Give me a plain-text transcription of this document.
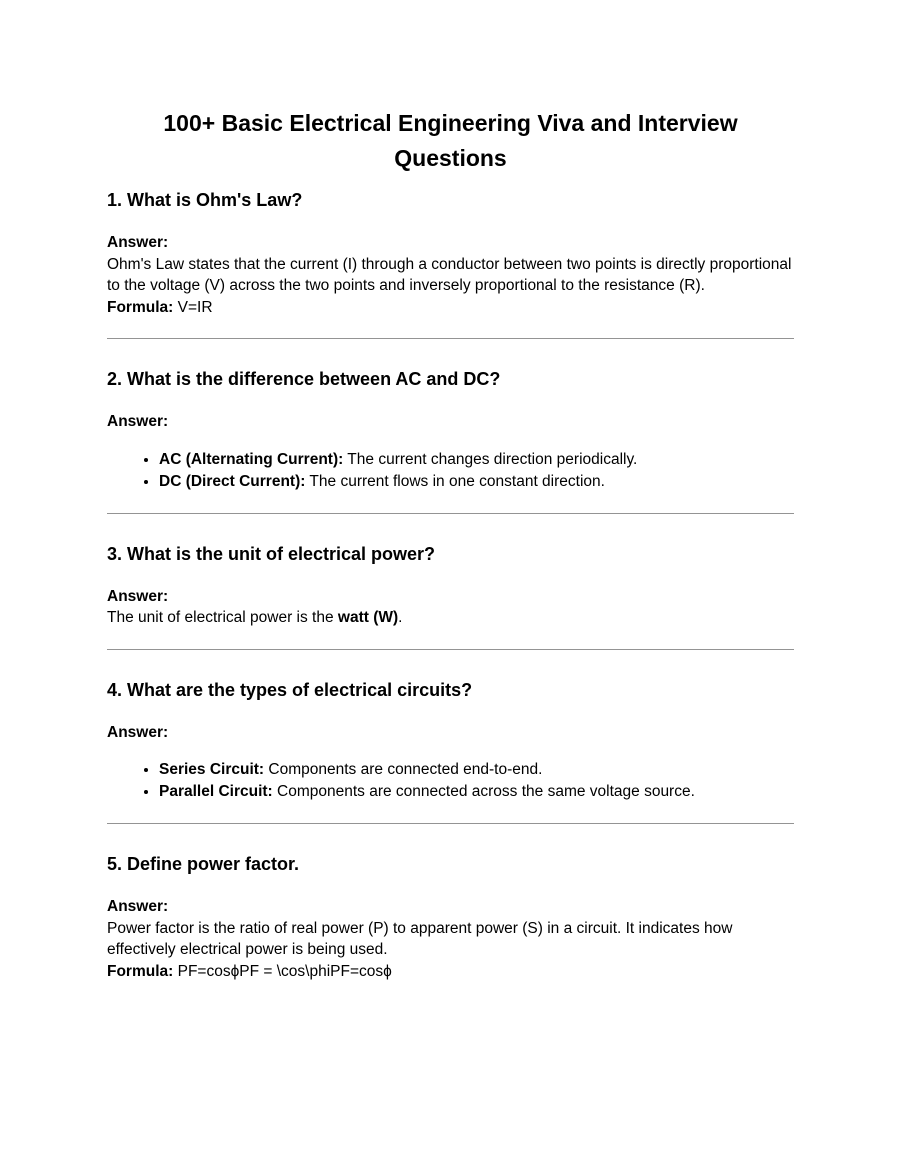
100+ Basic Electrical Engineering Viva and Interview Questions
1. What is Ohm's Law?

Answer:
Ohm's Law states that the current (I) through a conductor between two points is directly proportional to the voltage (V) across the two points and inversely proportional to the resistance (R).
Formula: V=IR

2. What is the difference between AC and DC?

Answer:

• AC (Alternating Current): The current changes direction periodically.
• DC (Direct Current): The current flows in one constant direction.
3. What is the unit of electrical power?

Answer:
The unit of electrical power is the watt (W).

4. What are the types of electrical circuits?

Answer:

• Series Circuit: Components are connected end-to-end.
• Parallel Circuit: Components are connected across the same voltage source.
5. Define power factor.

Answer:
Power factor is the ratio of real power (P) to apparent power (S) in a circuit. It indicates how effectively electrical power is being used.
Formula: PF=cosϕPF = \cos\phiPF=cosϕ
